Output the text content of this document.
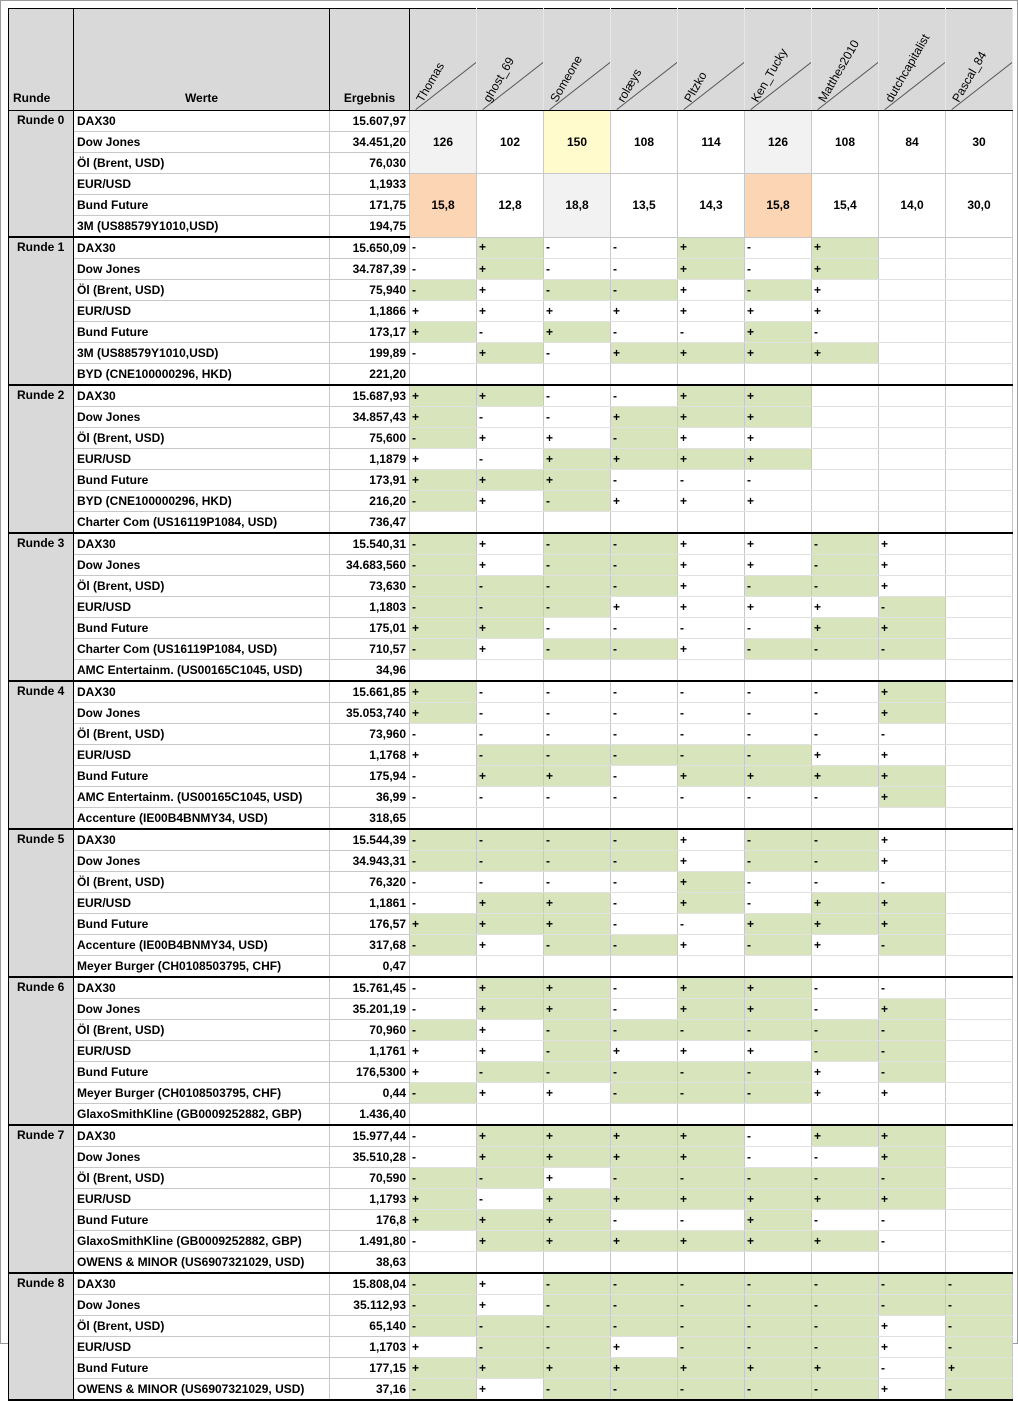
Runde	Werte	Ergebnis	Thomas	ghost_69	Someone	rolæys	Pltzko	Ken_Tucky	Matthes2010	dutchcapitalist	Pascal_84

Runde 0	DAX30	15.607,97	126	102	150	108	114	126	108	84	30
	Dow Jones	34.451,20									
	Öl (Brent, USD)	76,030									
	EUR/USD	1,1933	15,8	12,8	18,8	13,5	14,3	15,8	15,4	14,0	30,0
	Bund Future	171,75									
	3M (US88579Y1010,USD)	194,75									
Runde 1	DAX30	15.650,09	-	+	-	-	+	-	+		
	Dow Jones	34.787,39	-	+	-	-	+	-	+		
	Öl (Brent, USD)	75,940	-	+	-	-	+	-	+		
	EUR/USD	1,1866	+	+	+	+	+	+	+		
	Bund Future	173,17	+	-	+	-	-	+	-		
	3M (US88579Y1010,USD)	199,89	-	+	-	+	+	+	+		
	BYD (CNE100000296, HKD)	221,20									
Runde 2	DAX30	15.687,93	+	+	-	-	+	+			
	Dow Jones	34.857,43	+	-	-	+	+	+			
	Öl (Brent, USD)	75,600	-	+	+	-	+	+			
	EUR/USD	1,1879	+	-	+	+	+	+			
	Bund Future	173,91	+	+	+	-	-	-			
	BYD (CNE100000296, HKD)	216,20	-	+	-	+	+	+			
	Charter Com (US16119P1084, USD)	736,47									
Runde 3	DAX30	15.540,31	-	+	-	-	+	+	-	+	
	Dow Jones	34.683,560	-	+	-	-	+	+	-	+	
	Öl (Brent, USD)	73,630	-	-	-	-	+	-	-	+	
	EUR/USD	1,1803	-	-	-	+	+	+	+	-	
	Bund Future	175,01	+	+	-	-	-	-	+	+	
	Charter Com (US16119P1084, USD)	710,57	-	+	-	-	+	-	-	-	
	AMC Entertainm. (US00165C1045, USD)	34,96									
Runde 4	DAX30	15.661,85	+	-	-	-	-	-	-	+	
	Dow Jones	35.053,740	+	-	-	-	-	-	-	+	
	Öl (Brent, USD)	73,960	-	-	-	-	-	-	-	-	
	EUR/USD	1,1768	+	-	-	-	-	-	+	+	
	Bund Future	175,94	-	+	+	-	+	+	+	+	
	AMC Entertainm. (US00165C1045, USD)	36,99	-	-	-	-	-	-	-	+	
	Accenture (IE00B4BNMY34, USD)	318,65									
Runde 5	DAX30	15.544,39	-	-	-	-	+	-	-	+	
	Dow Jones	34.943,31	-	-	-	-	+	-	-	+	
	Öl (Brent, USD)	76,320	-	-	-	-	+	-	-	-	
	EUR/USD	1,1861	-	+	+	-	+	-	+	+	
	Bund Future	176,57	+	+	+	-	-	+	+	+	
	Accenture (IE00B4BNMY34, USD)	317,68	-	+	-	-	+	-	+	-	
	Meyer Burger (CH0108503795, CHF)	0,47									
Runde 6	DAX30	15.761,45	-	+	+	-	+	+	-	-	
	Dow Jones	35.201,19	-	+	+	-	+	+	-	+	
	Öl (Brent, USD)	70,960	-	+	-	-	-	-	-	-	
	EUR/USD	1,1761	+	+	-	+	+	+	-	-	
	Bund Future	176,5300	+	-	-	-	-	-	+	-	
	Meyer Burger (CH0108503795, CHF)	0,44	-	+	+	-	-	-	+	+	
	GlaxoSmithKline (GB0009252882, GBP)	1.436,40									
Runde 7	DAX30	15.977,44	-	+	+	+	+	-	+	+	
	Dow Jones	35.510,28	-	+	+	+	+	-	-	+	
	Öl (Brent, USD)	70,590	-	-	+	-	-	-	-	-	
	EUR/USD	1,1793	+	-	+	+	+	+	+	+	
	Bund Future	176,8	+	+	+	-	-	+	-	-	
	GlaxoSmithKline (GB0009252882, GBP)	1.491,80	-	+	+	+	+	+	+	-	
	OWENS & MINOR (US6907321029, USD)	38,63									
Runde 8	DAX30	15.808,04	-	+	-	-	-	-	-	-	-
	Dow Jones	35.112,93	-	+	-	-	-	-	-	-	-
	Öl (Brent, USD)	65,140	-	-	-	-	-	-	-	+	-
	EUR/USD	1,1703	+	-	-	+	-	-	-	+	-
	Bund Future	177,15	+	+	+	+	+	+	+	-	+
	OWENS & MINOR (US6907321029, USD)	37,16	-	+	-	-	-	-	-	+	-
